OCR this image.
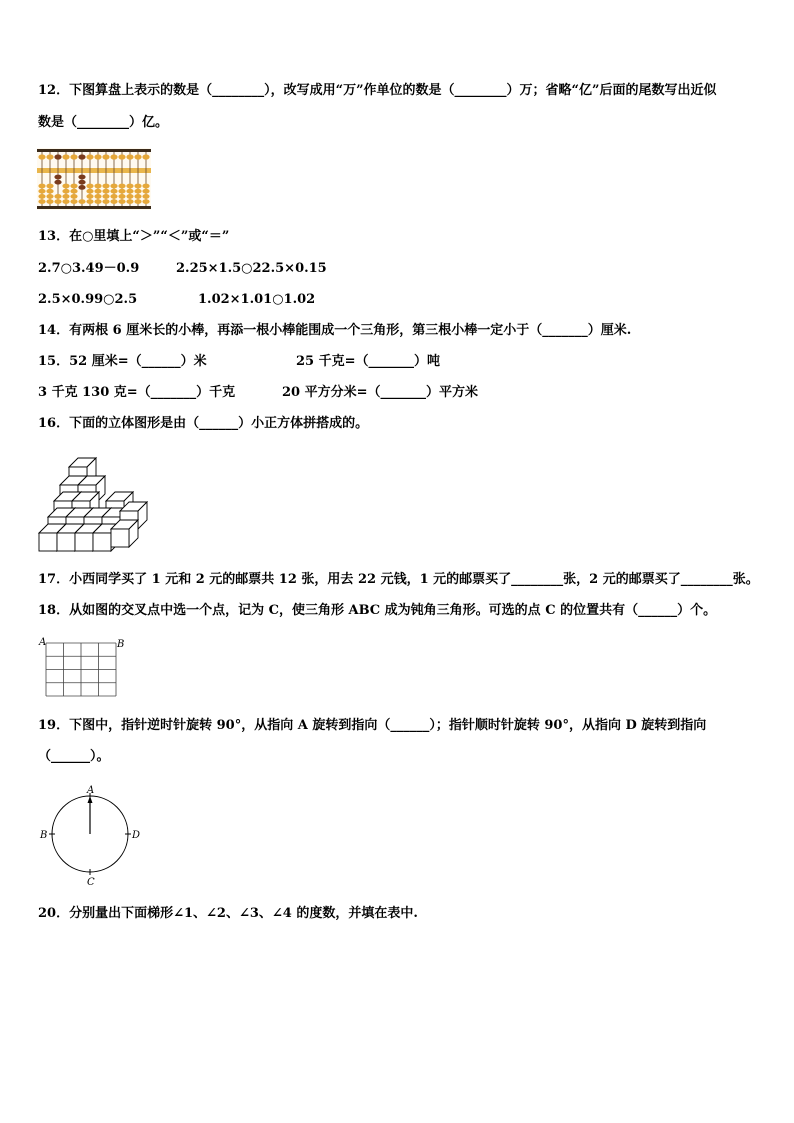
12．下图算盘上表示的数是（________），改写成用“万”作单位的数是（________）万；省略“亿”后面的尾数写出近似
数是（________）亿。
13．在○里填上“＞”“＜”或“＝”
2.7○3.49－0.9	2.25×1.5○22.5×0.15
2.5×0.99○2.5	1.02×1.01○1.02
14．有两根 6 厘米长的小棒，再添一根小棒能围成一个三角形，第三根小棒一定小于（_______）厘米.
15．52 厘米=（______）米	25 千克=（_______）吨
3 千克 130 克=（_______）千克	20 平方分米=（_______）平方米
16．下面的立体图形是由（______）小正方体拼搭成的。
17．小西同学买了 1 元和 2 元的邮票共 12 张，用去 22 元钱，1 元的邮票买了________张，2 元的邮票买了________张。
18．从如图的交叉点中选一个点，记为 C，使三角形 ABC 成为钝角三角形。可选的点 C 的位置共有（______）个。
A	B
19．下图中，指针逆时针旋转 90°，从指向 A 旋转到指向（______）；指针顺时针旋转 90°，从指向 D 旋转到指向
（______）。
A
B
C
D
20．分别量出下面梯形∠1、∠2、∠3、∠4 的度数，并填在表中.
